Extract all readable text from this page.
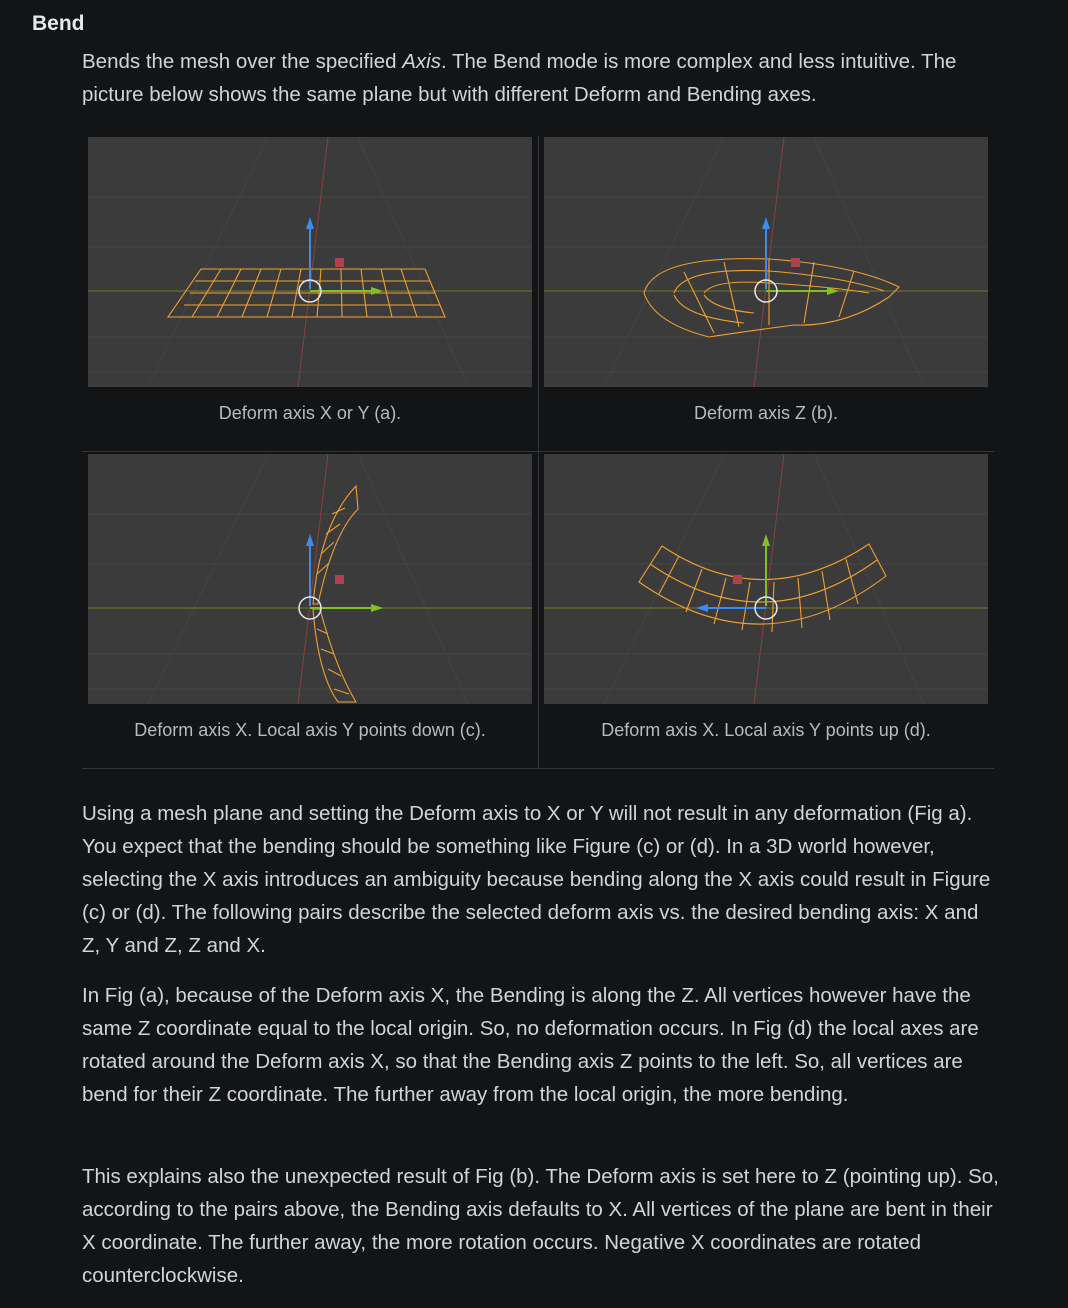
Bend

Bends the mesh over the specified Axis. The Bend mode is more complex and less intuitive. The picture below shows the same plane but with different Deform and Bending axes.

Deform axis X or Y (a).	Deform axis Z (b).
Deform axis X. Local axis Y points down (c).	Deform axis X. Local axis Y points up (d).

Using a mesh plane and setting the Deform axis to X or Y will not result in any deformation (Fig a). You expect that the bending should be something like Figure (c) or (d). In a 3D world however, selecting the X axis introduces an ambiguity because bending along the X axis could result in Figure (c) or (d). The following pairs describe the selected deform axis vs. the desired bending axis: X and Z, Y and Z, Z and X.

In Fig (a), because of the Deform axis X, the Bending is along the Z. All vertices however have the same Z coordinate equal to the local origin. So, no deformation occurs. In Fig (d) the local axes are rotated around the Deform axis X, so that the Bending axis Z points to the left. So, all vertices are bend for their Z coordinate. The further away from the local origin, the more bending.

This explains also the unexpected result of Fig (b). The Deform axis is set here to Z (pointing up). So, according to the pairs above, the Bending axis defaults to X. All vertices of the plane are bent in their X coordinate. The further away, the more rotation occurs. Negative X coordinates are rotated counterclockwise.
